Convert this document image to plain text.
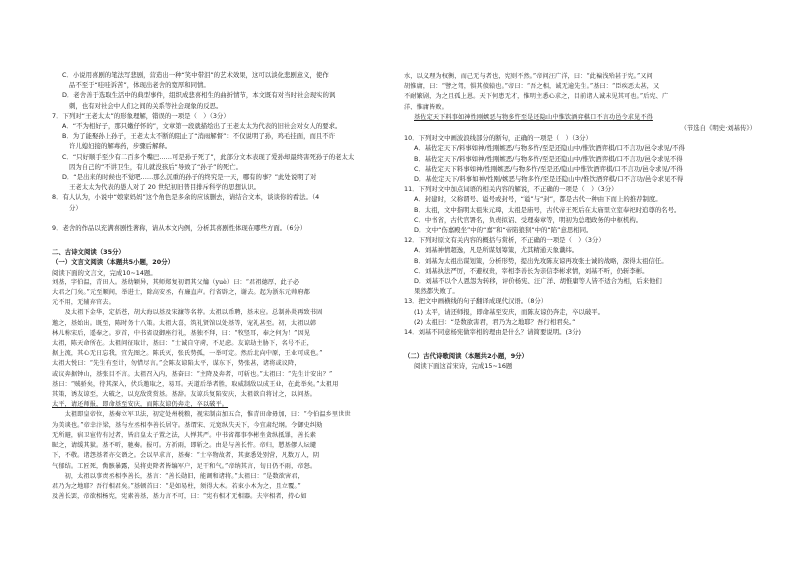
C．小说用喜剧的笔法写悲剧，营造出一种“笑中带泪”的艺术效果，这可以淡化悲剧意义，使作
品不至于“哇哇诉苦”，体现出老舍的宽厚和同情。
D．老舍善于选取生活中的典型事件，组织成悲喜相生的曲折情节，本文既有对当时社会现实的讽
刺，也有对社会中人们之间的关系等社会现象的反思。
7．下列对“王老太太”的形象理解，错误的一项是（　）（3分）
A．“不为相好子，那只嫩仔怀的”，文章第一段就描绘出了王老太太为代表的旧社会对女人的要求。
B．为了能娶孙上孙子，王老太太不断的阻止了“消雨解督”：不仅说明了孙，鸡毛挂面，而且不许
许儿媳妇接的解毒药，步骤后解释。
C．“只好顺手至少有二百多个嘴巴……可是孙子死了”，此部分文本表现了爱孙却最终害死孙子的老太太
因为自己的“不讲卫生，有儿就没孩后”导致了“孙子”的死亡。
D．“是出来的时候也不觉吧……那么沉重的孙子的终究是一天，哪有的事？”此处说明了对
王老太太为代表的愚人对了 20 世纪初旧普目排斥科学的思想认识。
8．有人认为，小说中“娘家妈妈”这个角色是多余的应该删去，请结合文本，谈谈你的看法。（4
分）
9．老舍的作品以充满喜剧性著称，请从本文内例，分析其喜剧性体现在哪些方面。（6分）
二、古诗文阅读（35分）
（一）文言文阅读（本题共5小题，20分）
阅读下面的文言文，完成10~14题。
刘基，字伯温，青田人。基幼颖异，其师郑复初谓其父爚（yuè）曰：“君祖德厚，此子必
大君之门矣。”元至顺间，举进士，除高安丞，有廉直声。行省辟之，谢去。起为浙东元帅府都
元不用，无辅弃官去。
　　及太祖下金华，定括苍，胡大海以基及宋濂等名荐。太祖以币聘，基未应。总制孙炎再致书固
邀之，基始出。既至，陈时务十八策。太祖大喜，筑礼贤馆以处基等，宠礼甚至。初，太祖以韩
林儿称宋后，遥奉之。岁首，中书省设御座行礼，基独不拜，曰：“牧竖耳，奉之何为！”因见
太祖，陈天命所在。太祖问征取计，基曰：“士诚自守虏，不足虑。友谅劫主胁下，名号不正，
据上流，其心无日忘我，宜先图之。陈氏灭，张氏势孤，一举可定。然后北向中原，王业可成也。”
太祖大悦曰：“先生有至计，勿惜尽言。”会陈友谅陷太平，谋东下，势张甚，诸将或议降，
或议奔据钟山，基张目不言。太祖召入内，基奋曰：“主降及奔者，可斩也。”太祖曰：“先生计安出？”
基曰：“贼骄矣，待其深入，伏兵邀取之，易耳。天道后举者胜，取威制敌以成王业，在此举矣。”太祖用
其策，诱友谅至，大破之，以克敌赏赏基。基辞。友谅兵复陷安庆，太祖欲自将讨之，以问基。
太平，请还师报，即命基至安庆，而陈友谅仍奔走，卒以破平。
　　太祖即皇帝位，基奏立军卫法，初定处州税粮，视宋制亩加五合，惟青田命毋加，曰：“令伯温乡里世世
为美谈也。”帝幸汴梁，基与左丞相李善长居守。基谓宋、元宽纵失天下，今宜肃纪纲。令御史纠劾
无所避，宿卫宦侍有过者，皆启皇太子置之法，人惮其严。中书省都事李彬坐贪纵抵罪，善长素
昵之，请缓其狱。基不听，驰奏。报可。方祈雨，即斩之。由是与善长忤。帝归，愬基僇人坛壝
下，不敬。诸怨基者亦交谮之。会以旱求言，基奏：“士卒物故者，其妻悉处别营，凡数万人，阴
气郁结。工匠死，胔骸暴露，吴将吏降者皆编军户，足干和气。”帝纳其言，旬日仍不雨，帝怒。
　　初，太祖以事责丞相李善长，基言：“善长勋旧，能调和诸将。”太祖曰：“是数欲害君，
君乃为之地耶？吾行相君矣。”基顿首曰：“是如易柱，须得大木。若束小木为之，且立覆。”
及善长罢，帝欲相杨宪，宪素善基，基力言不可，曰：“宪有相才无相器。夫宰相者，持心如
水，以义理为权衡，而己无与者也，宪则不然。”帝问汪广洋，曰：“此褊浅殆甚于宪。”又问
胡惟庸，曰：“譬之驾，惧其偾辕也。”帝曰：“吾之相，诚无逾先生。”基曰：“臣疾恶太甚，又
不耐繁剧，为之且孤上恩。天下何患无才，惟明主悉心求之，目前诸人诚未见其可也。”后宪、广
洋、惟庸皆败。
基佐定天下料事如神性刚嫉恶与物多忤至是还隐山中惟饮酒弈棋口不言功邑令求见不得
（节选自《明史·刘基传》）
10．下列对文中画波浪线部分的断句，正确的一项是（　）（3分）
A．基佐定天下/料事如神/性刚嫉恶/与物多忤/至是还隐山中/惟饮酒弈棋/口不言功/邑令求见/不得
B．基佐定天下/料事如神/性刚嫉恶/与物多忤/至是还隐山中/惟饮酒弈棋/口不言功/邑令求见不得
C．基佐定天下料事如神/性刚嫉恶/与物多忤/至是还/隐山中惟饮酒弈棋/口不言功/邑令求见/不得
D．基佐定天下/料事如神/性刚/嫉恶与物多忤/至是还隐山中/惟饮酒弈棋/口不言功/邑令求见不得
11．下列对文中加点词语的相关内容的解说，不正确的一项是（　）（3分）
A．封建时，父称谓号、谥号或封号，“谥”与“封”，都是古代一种由下而上的推荐制度。
B．太祖，文中指明太祖朱元璋，太祖是庙号，古代帝王死后在太庙里立室奉祀时追尊的名号。
C．中书省，古代官署名，负责拟诏、受理奏章等，明初为总理政务的中枢机构。
D．文中“伤嘉殿坐”中的“嘉”和“帝陷狼狈”中的“陷”意思相同。
12．下列对原文有关内容的概括与赏析，不正确的一项是（　）（3分）
A．刘基神情超逸，凡是所谋划筹策，尤其精通天象谶纬。
B．刘基为太祖出谋划策，分析形势，提出先攻陈友谅再攻张士诚的战略，深得太祖信任。
C．刘基执法严厉，不避权贵，宰相李善长为亲信李彬求情，刘基不听，仍斩李彬。
D．刘基不以个人恩怨为转移，评价杨宪、汪广洋、胡惟庸等人皆不适合为相，后来他们
果然都失败了。
13．把文中画横线的句子翻译成现代汉语。（8分）
(1) 太平，请还师报，即命基至安庆，而陈友谅仍奔走，卒以破平。
(2) 太祖曰：“是数欲害君，君乃为之地耶？吾行相君矣。”
14．刘基不同意杨宪做宰相的理由是什么？请简要说明。(3分)
（二）古代诗歌阅读（本题共2小题，9分）
阅读下面这首宋诗，完成15~16题
